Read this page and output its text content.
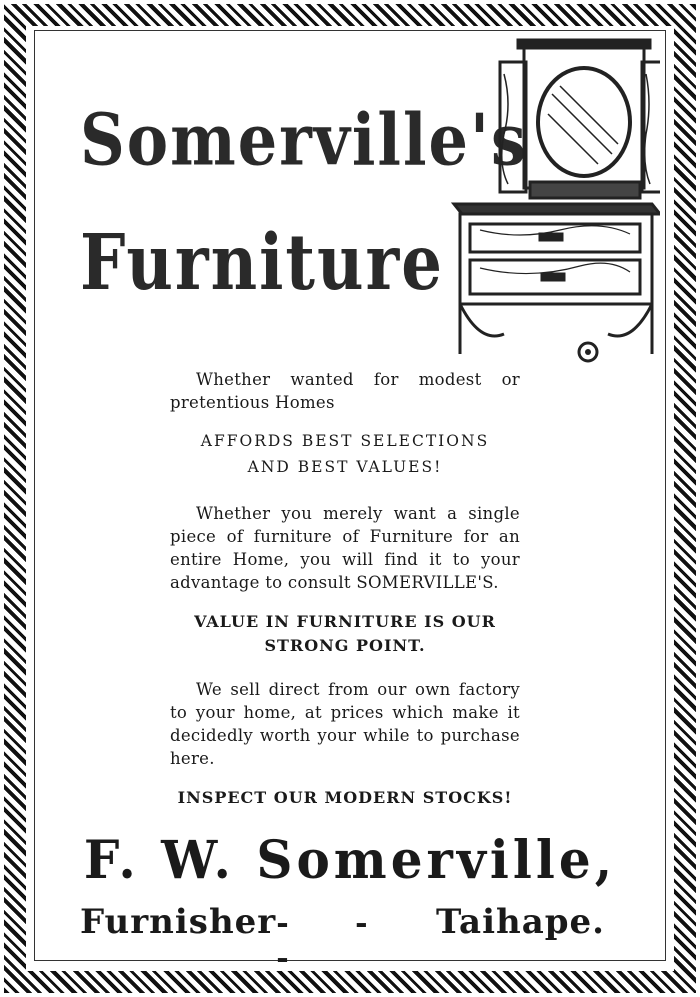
Somerville's
Furniture
Whether wanted for modest or pretentious Homes
AFFORDS BEST SELECTIONS
AND BEST VALUES!
Whether you merely want a single piece of furniture of Furniture for an entire Home, you will find it to your advantage to consult SOMERVILLE'S.
VALUE IN FURNITURE IS OUR
STRONG POINT.
We sell direct from our own factory to your home, at prices which make it decidedly worth your while to purchase here.
INSPECT OUR MODERN STOCKS!
F. W. Somerville,
Furnisher - - -
Taihape.
